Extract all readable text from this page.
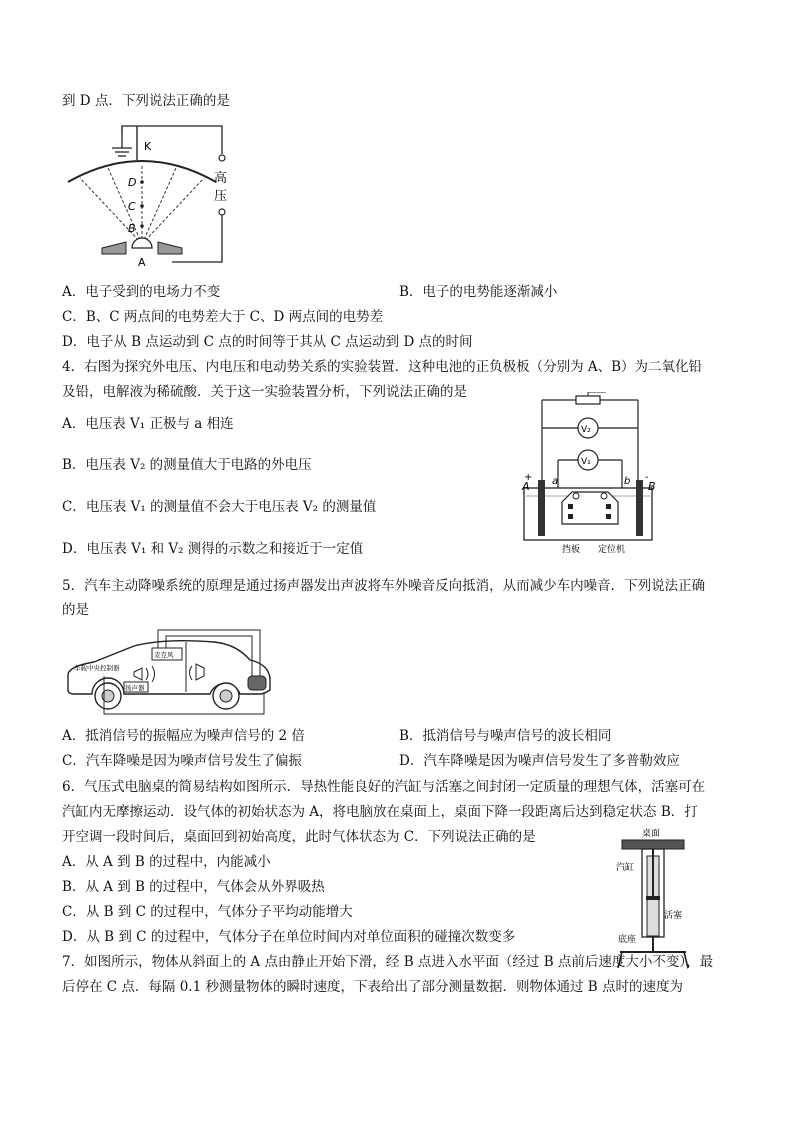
到 D 点．下列说法正确的是
K
高
压
D
C
B
A
A．电子受到的电场力不变	B．电子的电势能逐渐减小
C．B、C 两点间的电势差大于 C、D 两点间的电势差
D．电子从 B 点运动到 C 点的时间等于其从 C 点运动到 D 点的时间
4．右图为探究外电压、内电压和电动势关系的实验装置．这种电池的正负极板（分别为 A、B）为二氧化铅
及铅，电解液为稀硫酸．关于这一实验装置分析，下列说法正确的是
A．电压表 V₁ 正极与 a 相连
B．电压表 V₂ 的测量值大于电路的外电压
C．电压表 V₁ 的测量值不会大于电压表 V₂ 的测量值
D．电压表 V₁ 和 V₂ 测得的示数之和接近于一定值
V₂
V₁
+
A
-
B
a	b
挡板 定位机
5．汽车主动降噪系统的原理是通过扬声器发出声波将车外噪音反向抵消，从而减少车内噪音．下列说法正确
的是
麦克风
车载中央控制器
扬声器
A．抵消信号的振幅应为噪声信号的 2 倍	B．抵消信号与噪声信号的波长相同
C．汽车降噪是因为噪声信号发生了偏振	D．汽车降噪是因为噪声信号发生了多普勒效应
6．气压式电脑桌的简易结构如图所示．导热性能良好的汽缸与活塞之间封闭一定质量的理想气体，活塞可在
汽缸内无摩擦运动．设气体的初始状态为 A，将电脑放在桌面上，桌面下降一段距离后达到稳定状态 B．打
开空调一段时间后，桌面回到初始高度，此时气体状态为 C．下列说法正确的是
A．从 A 到 B 的过程中，内能减小
B．从 A 到 B 的过程中，气体会从外界吸热
C．从 B 到 C 的过程中，气体分子平均动能增大
D．从 B 到 C 的过程中，气体分子在单位时间内对单位面积的碰撞次数变多
桌面
汽缸
活塞
底座
7．如图所示，物体从斜面上的 A 点由静止开始下滑，经 B 点进入水平面（经过 B 点前后速度大小不变），最
后停在 C 点．每隔 0.1 秒测量物体的瞬时速度，下表给出了部分测量数据．则物体通过 B 点时的速度为
